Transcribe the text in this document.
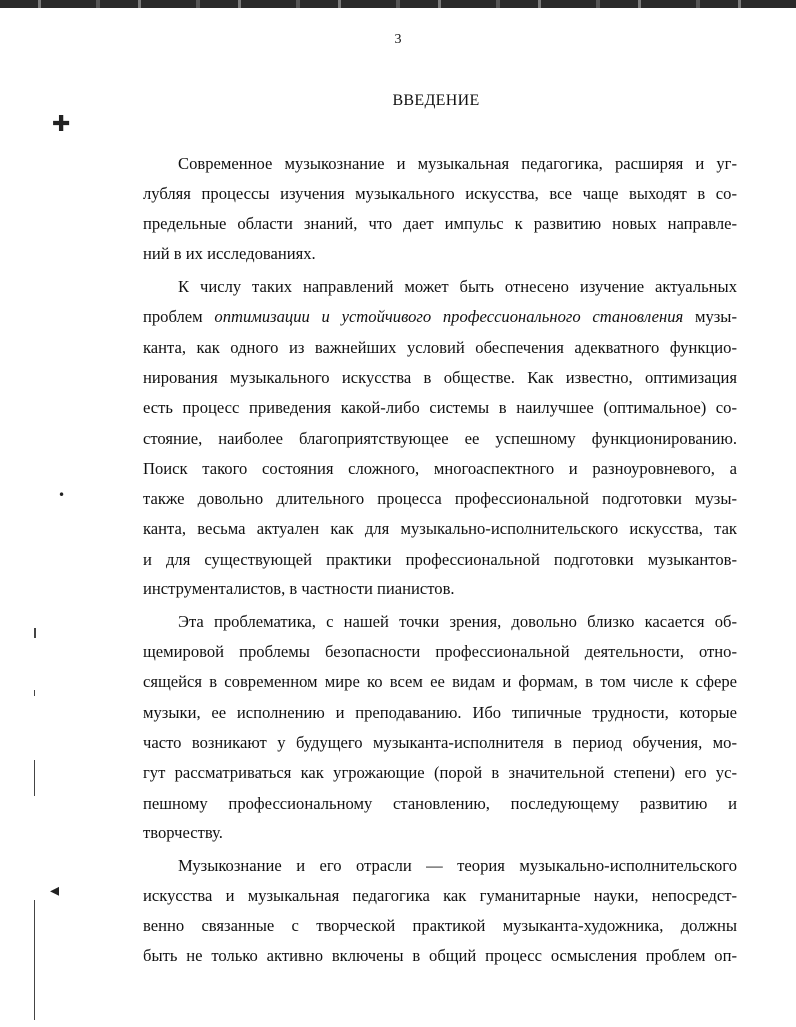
3
ВВЕДЕНИЕ
✚
•
◂
Современное музыкознание и музыкальная педагогика, расширяя и уг-
лубляя процессы изучения музыкального искусства, все чаще выходят в со-
предельные области знаний, что дает импульс к развитию новых направле-
ний в их исследованиях.
К числу таких направлений может быть отнесено изучение актуальных
проблем оптимизации и устойчивого профессионального становления музы-
канта, как одного из важнейших условий обеспечения адекватного функцио-
нирования музыкального искусства в обществе. Как известно, оптимизация
есть процесс приведения какой-либо системы в наилучшее (оптимальное) со-
стояние, наиболее благоприятствующее ее успешному функционированию.
Поиск такого состояния сложного, многоаспектного и разноуровневого, а
также довольно длительного процесса профессиональной подготовки музы-
канта, весьма актуален как для музыкально-исполнительского искусства, так
и для существующей практики профессиональной подготовки музыкантов-
инструменталистов, в частности пианистов.
Эта проблематика, с нашей точки зрения, довольно близко касается об-
щемировой проблемы безопасности профессиональной деятельности, отно-
сящейся в современном мире ко всем ее видам и формам, в том числе к сфере
музыки, ее исполнению и преподаванию. Ибо типичные трудности, которые
часто возникают у будущего музыканта-исполнителя в период обучения, мо-
гут рассматриваться как угрожающие (порой в значительной степени) его ус-
пешному профессиональному становлению, последующему развитию и
творчеству.
Музыкознание и его отрасли — теория музыкально-исполнительского
искусства и музыкальная педагогика как гуманитарные науки, непосредст-
венно связанные с творческой практикой музыканта-художника, должны
быть не только активно включены в общий процесс осмысления проблем оп-
